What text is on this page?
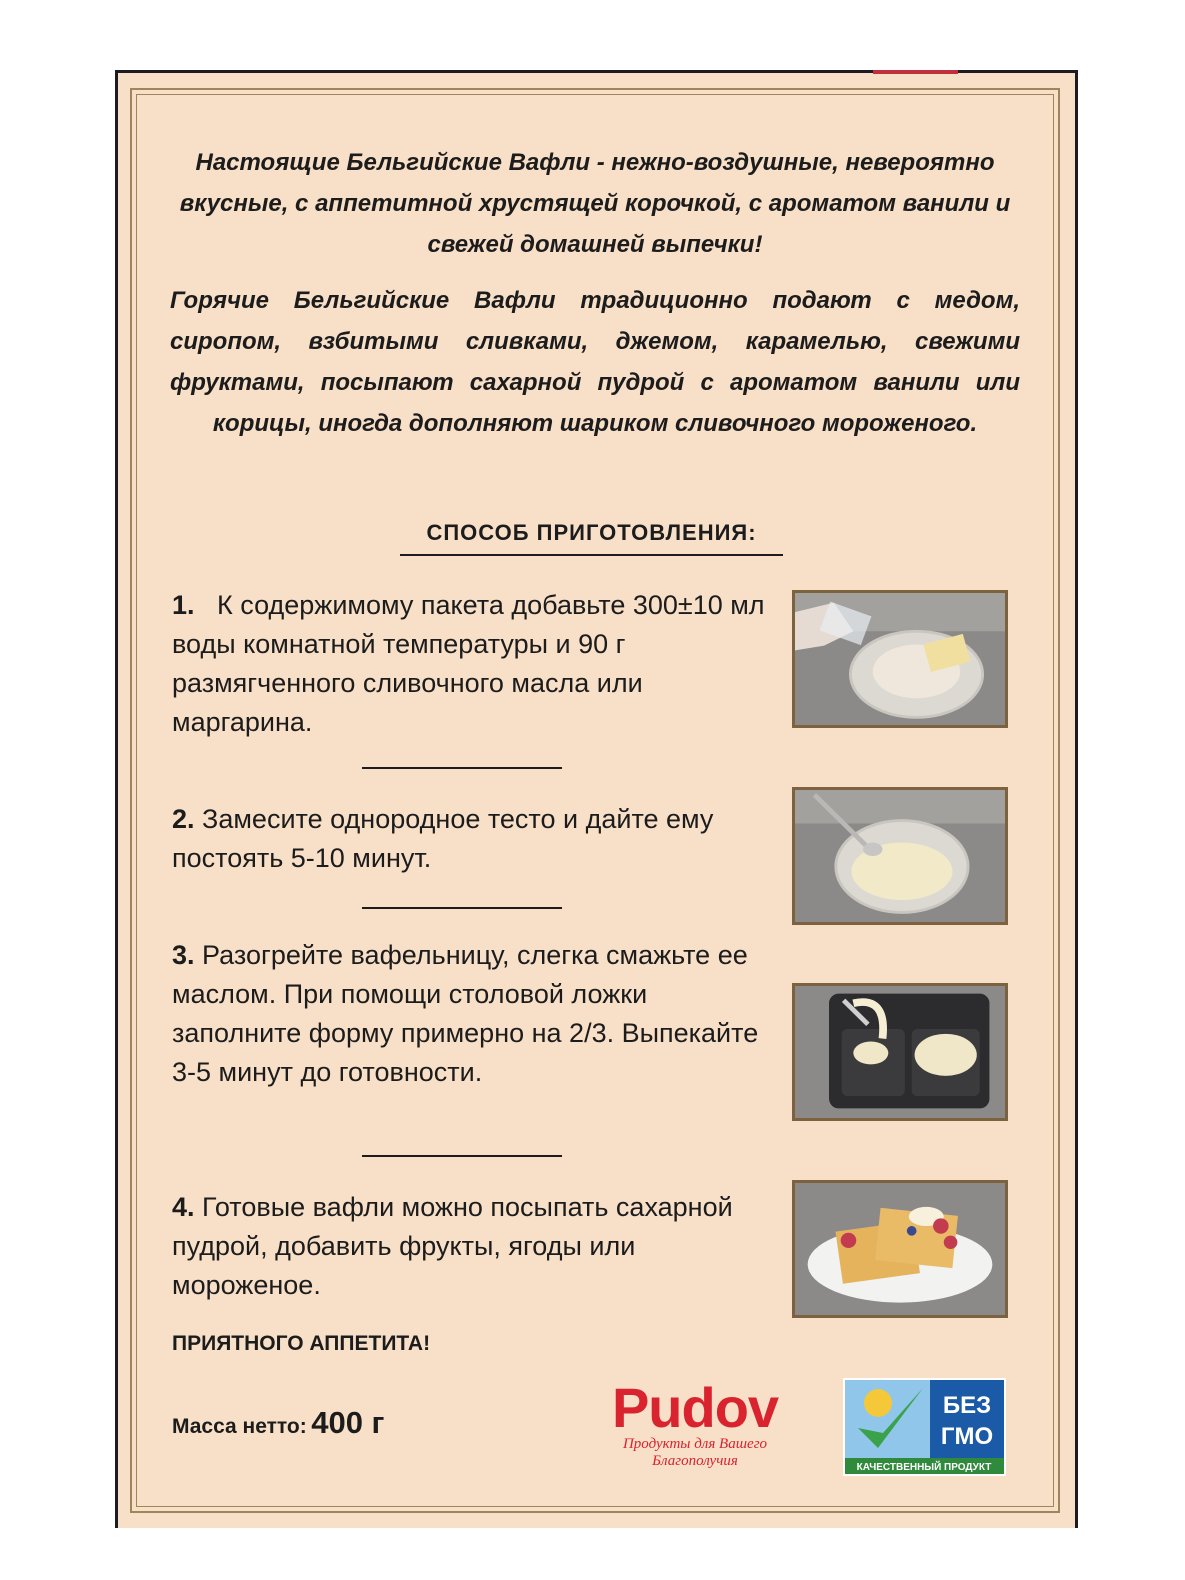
Настоящие Бельгийские Вафли - нежно-воздушные, невероятно вкусные, с аппетитной хрустящей корочкой, с ароматом ванили и свежей домашней выпечки!
Горячие Бельгийские Вафли традиционно подают с медом, сиропом, взбитыми сливками, джемом, карамелью, свежими фруктами, посыпают сахарной пудрой с ароматом ванили или корицы, иногда дополняют шариком сливочного мороженого.
СПОСОБ ПРИГОТОВЛЕНИЯ:
1. К содержимому пакета добавьте 300±10 мл воды комнатной температуры и 90 г размягченного сливочного масла или маргарина.
2. Замесите однородное тесто и дайте ему постоять 5-10 минут.
3. Разогрейте вафельницу, слегка смажьте ее маслом. При помощи столовой ложки заполните форму примерно на 2/3. Выпекайте 3-5 минут до готовности.
4. Готовые вафли можно посыпать сахарной пудрой, добавить фрукты, ягоды или мороженое.
ПРИЯТНОГО АППЕТИТА!
Масса нетто: 400 г	Pudov
Продукты для Вашего
Благополучия
БЕЗ
ГМО
КАЧЕСТВЕННЫЙ ПРОДУКТ
